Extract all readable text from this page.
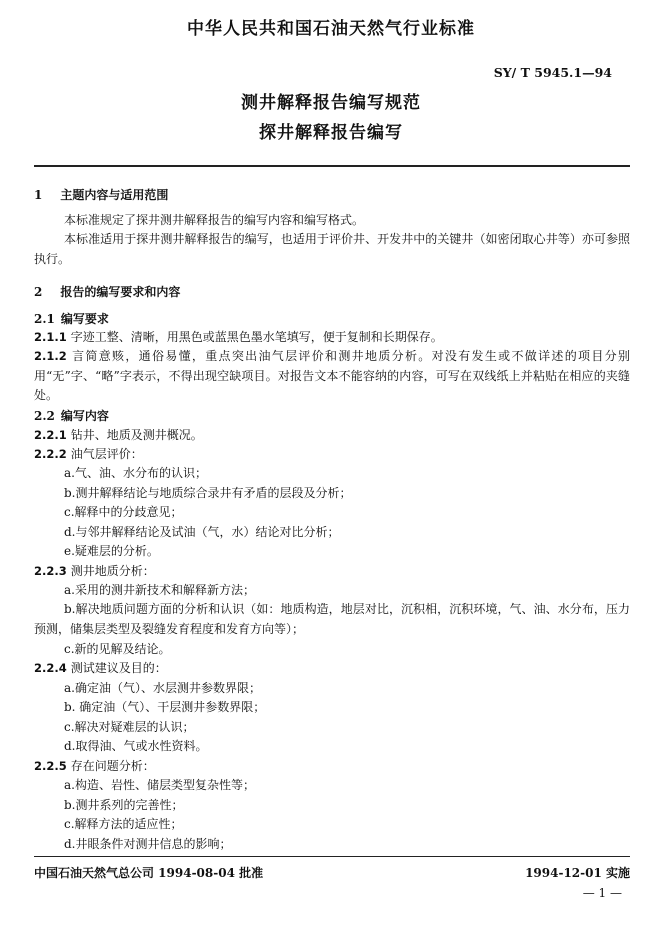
中华人民共和国石油天然气行业标准
SY/ T 5945.1—94
测井解释报告编写规范
探井解释报告编写
1 主题内容与适用范围
本标准规定了探井测井解释报告的编写内容和编写格式。
本标准适用于探井测井解释报告的编写，也适用于评价井、开发井中的关键井（如密闭取心井等）亦可参照执行。
2 报告的编写要求和内容
2.1 编写要求
2.1.1 字迹工整、清晰，用黑色或蓝黑色墨水笔填写，便于复制和长期保存。
2.1.2 言简意赅，通俗易懂，重点突出油气层评价和测井地质分析。对没有发生或不做详述的项目分别用“无”字、“略”字表示，不得出现空缺项目。对报告文本不能容纳的内容，可写在双线纸上并粘贴在相应的夹缝处。
2.2 编写内容
2.2.1 钻井、地质及测井概况。
2.2.2 油气层评价：
a.气、油、水分布的认识；
b.测井解释结论与地质综合录井有矛盾的层段及分析；
c.解释中的分歧意见；
d.与邻井解释结论及试油（气，水）结论对比分析；
e.疑难层的分析。
2.2.3 测井地质分析：
a.采用的测井新技术和解释新方法；
b.解决地质问题方面的分析和认识（如：地质构造，地层对比，沉积相，沉积环境，气、油、水分布，压力预测，储集层类型及裂缝发育程度和发育方向等）；
c.新的见解及结论。
2.2.4 测试建议及目的：
a.确定油（气）、水层测井参数界限；
b. 确定油（气）、干层测井参数界限；
c.解决对疑难层的认识；
d.取得油、气或水性资料。
2.2.5 存在问题分析：
a.构造、岩性、储层类型复杂性等；
b.测井系列的完善性；
c.解释方法的适应性；
d.井眼条件对测井信息的影响；
中国石油天然气总公司 1994-08-04 批准	1994-12-01 实施
— 1 —
